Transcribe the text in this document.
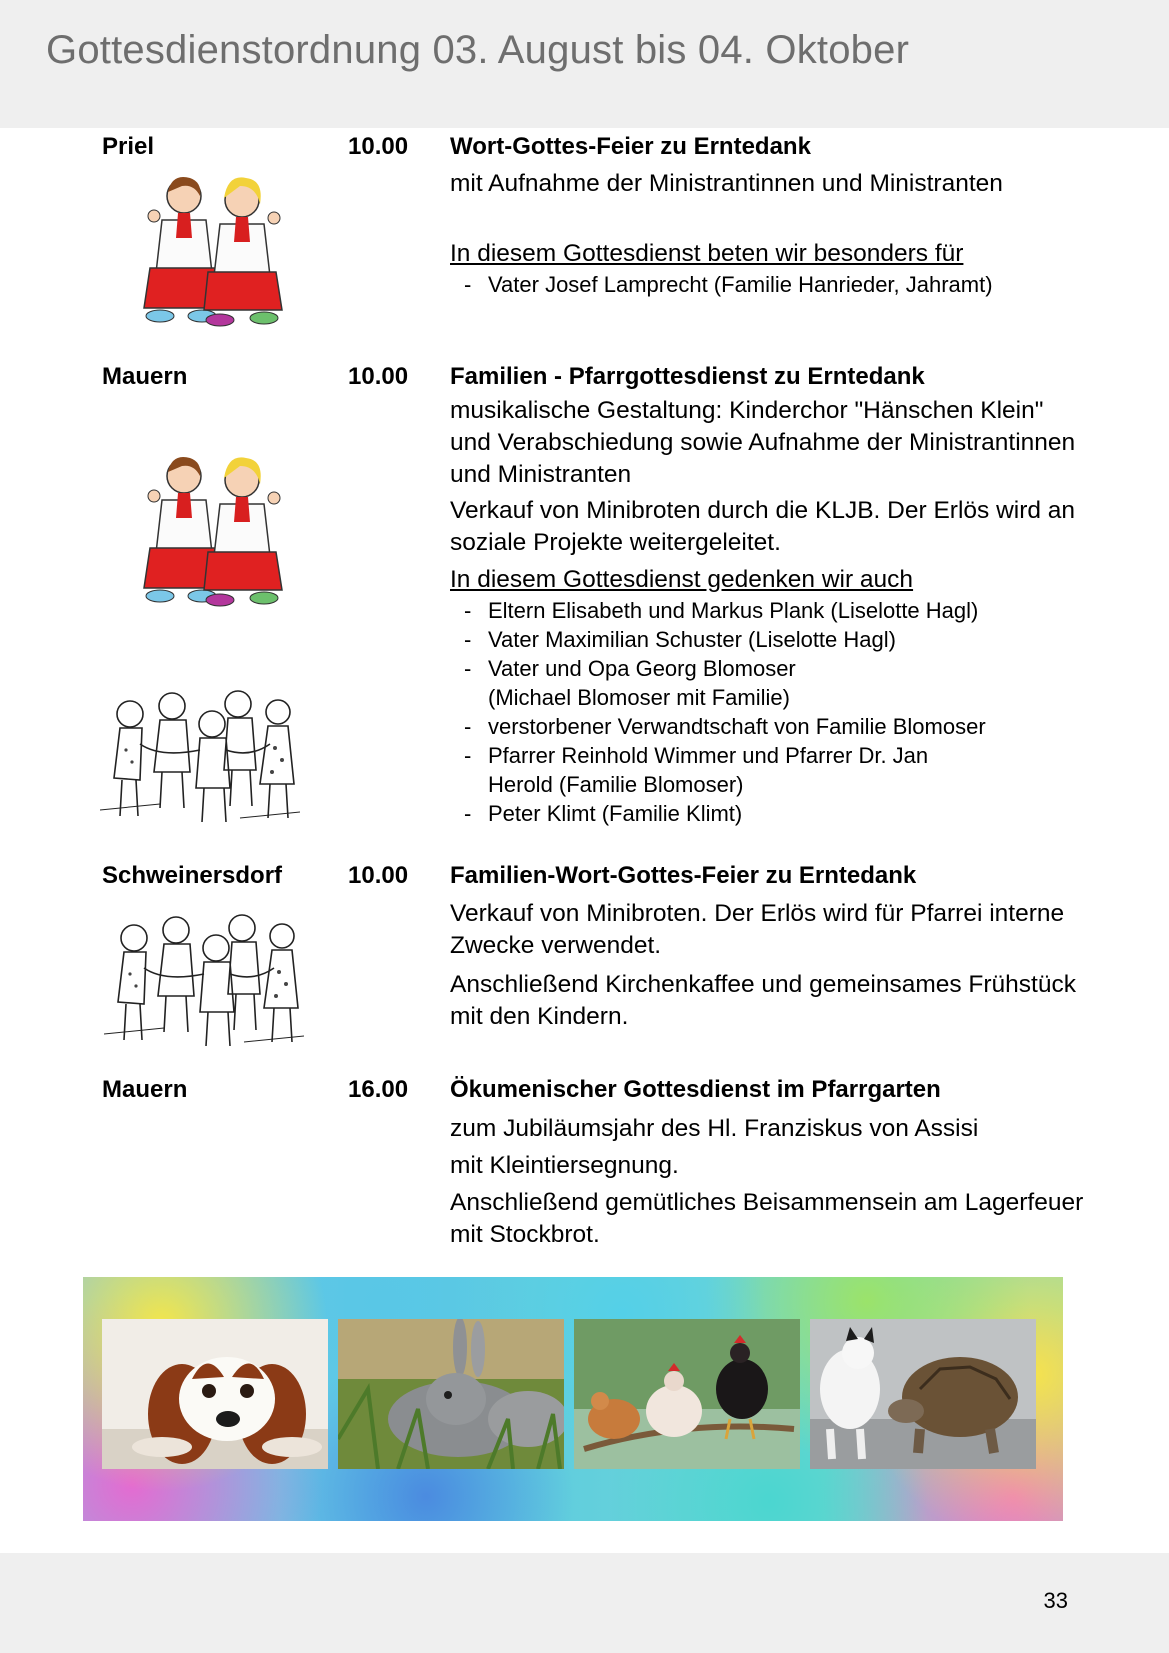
Gottesdienstordnung 03. August bis 04. Oktober
Priel	10.00 Wort-Gottes-Feier zu Erntedank
mit Aufnahme der Ministrantinnen und Ministranten
In diesem Gottesdienst beten wir besonders für
- Vater Josef Lamprecht (Familie Hanrieder, Jahramt)
Mauern	10.00 Familien - Pfarrgottesdienst zu Erntedank
musikalische Gestaltung: Kinderchor "Hänschen Klein" und Verabschiedung sowie Aufnahme der Ministrantinnen und Ministranten
Verkauf von Minibroten durch die KLJB. Der Erlös wird an soziale Projekte weitergeleitet.
In diesem Gottesdienst gedenken wir auch
- Eltern Elisabeth und Markus Plank (Liselotte Hagl)
- Vater Maximilian Schuster (Liselotte Hagl)
- Vater und Opa Georg Blomoser (Michael Blomoser mit Familie)
- verstorbener Verwandtschaft von Familie Blomoser
- Pfarrer Reinhold Wimmer und Pfarrer Dr. Jan Herold (Familie Blomoser)
- Peter Klimt (Familie Klimt)
Schweinersdorf	10.00 Familien-Wort-Gottes-Feier zu Erntedank
Verkauf von Minibroten. Der Erlös wird für Pfarrei interne Zwecke verwendet.
Anschließend Kirchenkaffee und gemeinsames Frühstück mit den Kindern.
Mauern	16.00 Ökumenischer Gottesdienst im Pfarrgarten
zum Jubiläumsjahr des Hl. Franziskus von Assisi
mit Kleintiersegnung.
Anschließend gemütliches Beisammensein am Lagerfeuer mit Stockbrot.
33
